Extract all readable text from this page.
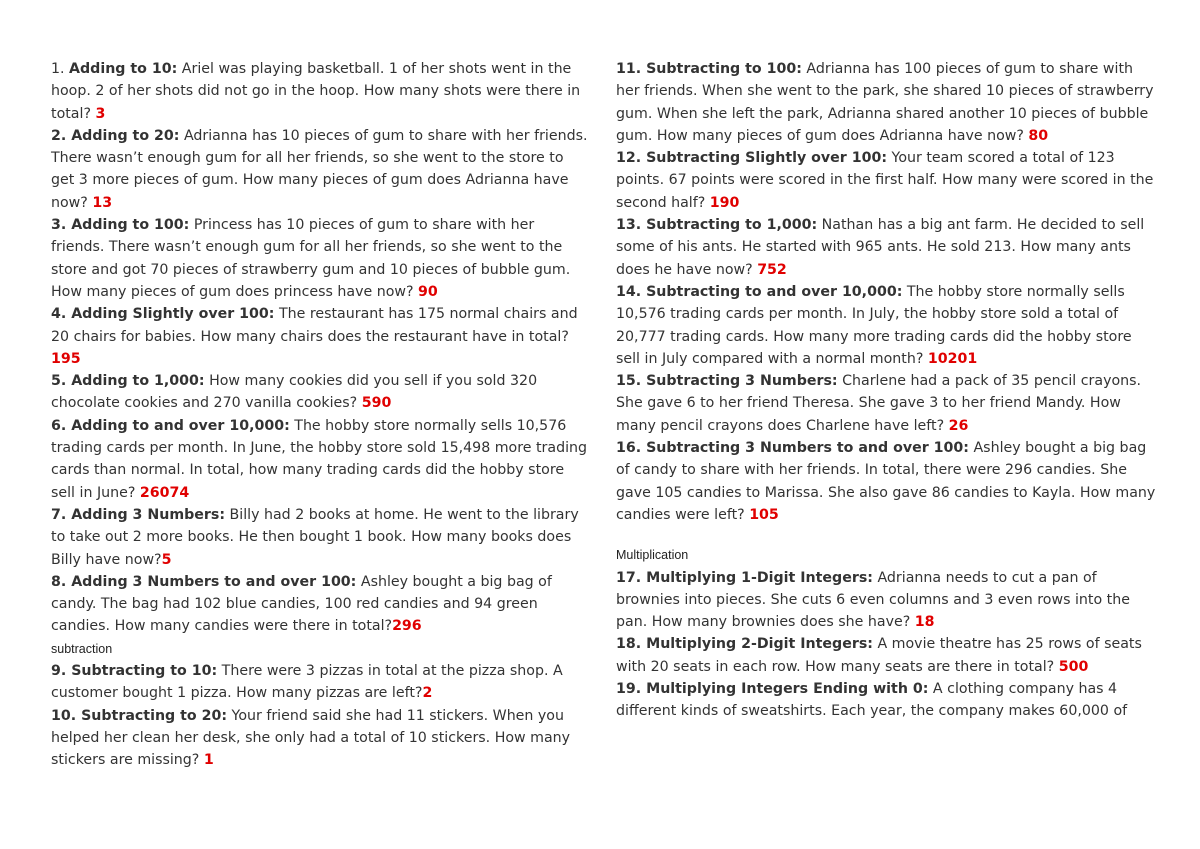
1. Adding to 10: Ariel was playing basketball. 1 of her shots went in the hoop. 2 of her shots did not go in the hoop. How many shots were there in total? 3

2. Adding to 20: Adrianna has 10 pieces of gum to share with her friends. There wasn’t enough gum for all her friends, so she went to the store to get 3 more pieces of gum. How many pieces of gum does Adrianna have now? 13

3. Adding to 100: Princess has 10 pieces of gum to share with her friends. There wasn’t enough gum for all her friends, so she went to the store and got 70 pieces of strawberry gum and 10 pieces of bubble gum. How many pieces of gum does princess have now? 90

4. Adding Slightly over 100: The restaurant has 175 normal chairs and 20 chairs for babies. How many chairs does the restaurant have in total? 195

5. Adding to 1,000: How many cookies did you sell if you sold 320 chocolate cookies and 270 vanilla cookies? 590

6. Adding to and over 10,000: The hobby store normally sells 10,576 trading cards per month. In June, the hobby store sold 15,498 more trading cards than normal. In total, how many trading cards did the hobby store sell in June? 26074

7. Adding 3 Numbers: Billy had 2 books at home. He went to the library to take out 2 more books. He then bought 1 book. How many books does Billy have now?5

8. Adding 3 Numbers to and over 100: Ashley bought a big bag of candy. The bag had 102 blue candies, 100 red candies and 94 green candies. How many candies were there in total?296

subtraction

9. Subtracting to 10: There were 3 pizzas in total at the pizza shop. A customer bought 1 pizza. How many pizzas are left?2

10. Subtracting to 20: Your friend said she had 11 stickers. When you helped her clean her desk, she only had a total of 10 stickers. How many stickers are missing? 1

11. Subtracting to 100: Adrianna has 100 pieces of gum to share with her friends. When she went to the park, she shared 10 pieces of strawberry gum. When she left the park, Adrianna shared another 10 pieces of bubble gum. How many pieces of gum does Adrianna have now? 80

12. Subtracting Slightly over 100: Your team scored a total of 123 points. 67 points were scored in the first half. How many were scored in the second half? 190

13. Subtracting to 1,000: Nathan has a big ant farm. He decided to sell some of his ants. He started with 965 ants. He sold 213. How many ants does he have now? 752

14. Subtracting to and over 10,000: The hobby store normally sells 10,576 trading cards per month. In July, the hobby store sold a total of 20,777 trading cards. How many more trading cards did the hobby store sell in July compared with a normal month? 10201

15. Subtracting 3 Numbers: Charlene had a pack of 35 pencil crayons. She gave 6 to her friend Theresa. She gave 3 to her friend Mandy. How many pencil crayons does Charlene have left? 26

16. Subtracting 3 Numbers to and over 100: Ashley bought a big bag of candy to share with her friends. In total, there were 296 candies. She gave 105 candies to Marissa. She also gave 86 candies to Kayla. How many candies were left? 105

Multiplication

17. Multiplying 1-Digit Integers: Adrianna needs to cut a pan of brownies into pieces. She cuts 6 even columns and 3 even rows into the pan. How many brownies does she have? 18

18. Multiplying 2-Digit Integers: A movie theatre has 25 rows of seats with 20 seats in each row. How many seats are there in total? 500

19. Multiplying Integers Ending with 0: A clothing company has 4 different kinds of sweatshirts. Each year, the company makes 60,000 of
